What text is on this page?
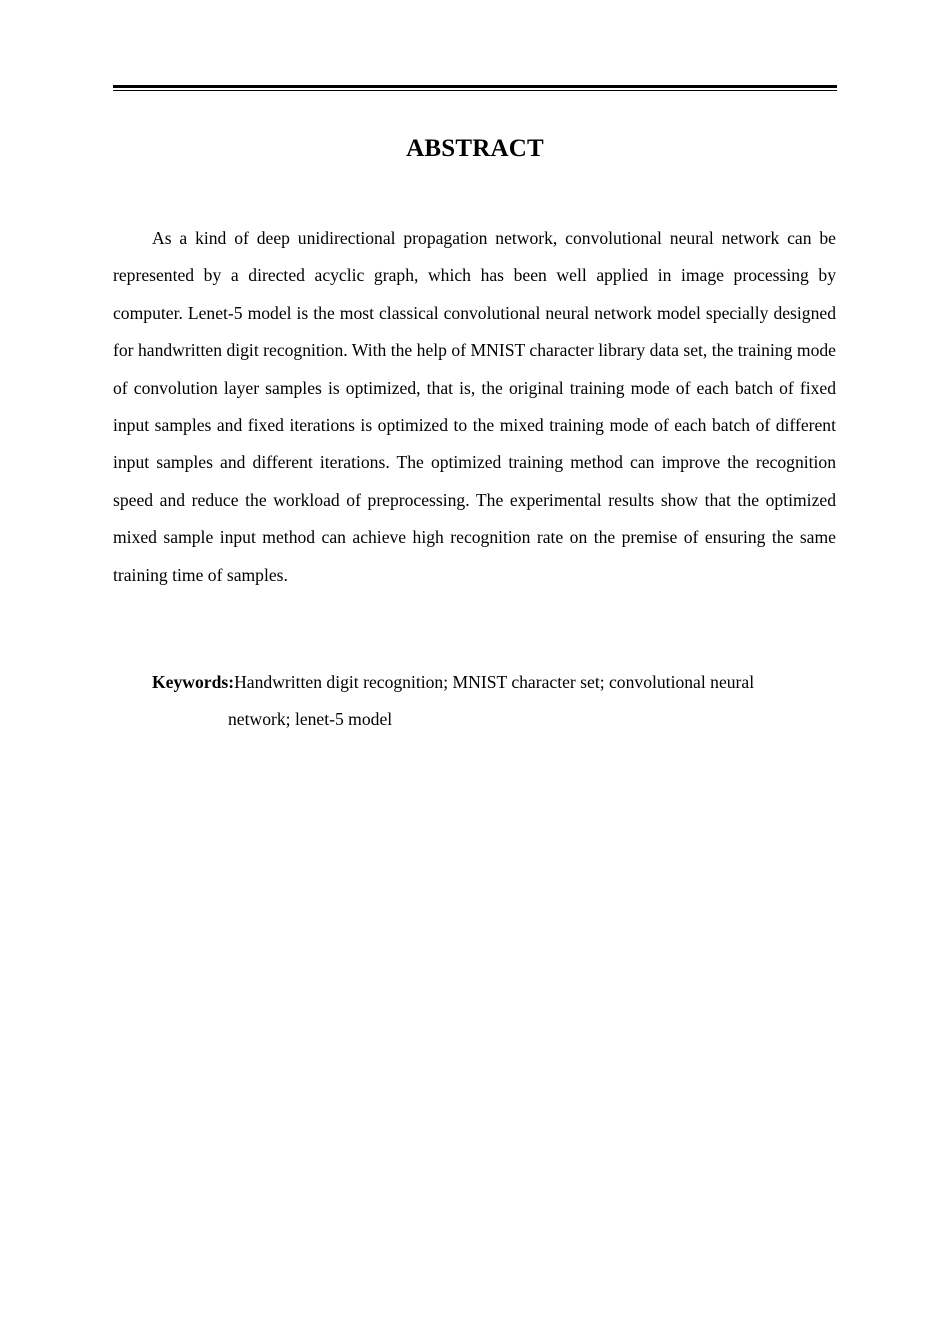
ABSTRACT

As a kind of deep unidirectional propagation network, convolutional neural network can be represented by a directed acyclic graph, which has been well applied in image processing by computer. Lenet-5 model is the most classical convolutional neural network model specially designed for handwritten digit recognition. With the help of MNIST character library data set, the training mode of convolution layer samples is optimized, that is, the original training mode of each batch of fixed input samples and fixed iterations is optimized to the mixed training mode of each batch of different input samples and different iterations. The optimized training method can improve the recognition speed and reduce the workload of preprocessing. The experimental results show that the optimized mixed sample input method can achieve high recognition rate on the premise of ensuring the same training time of samples.

Keywords:Handwritten digit recognition; MNIST character set; convolutional neural
network; lenet-5 model
